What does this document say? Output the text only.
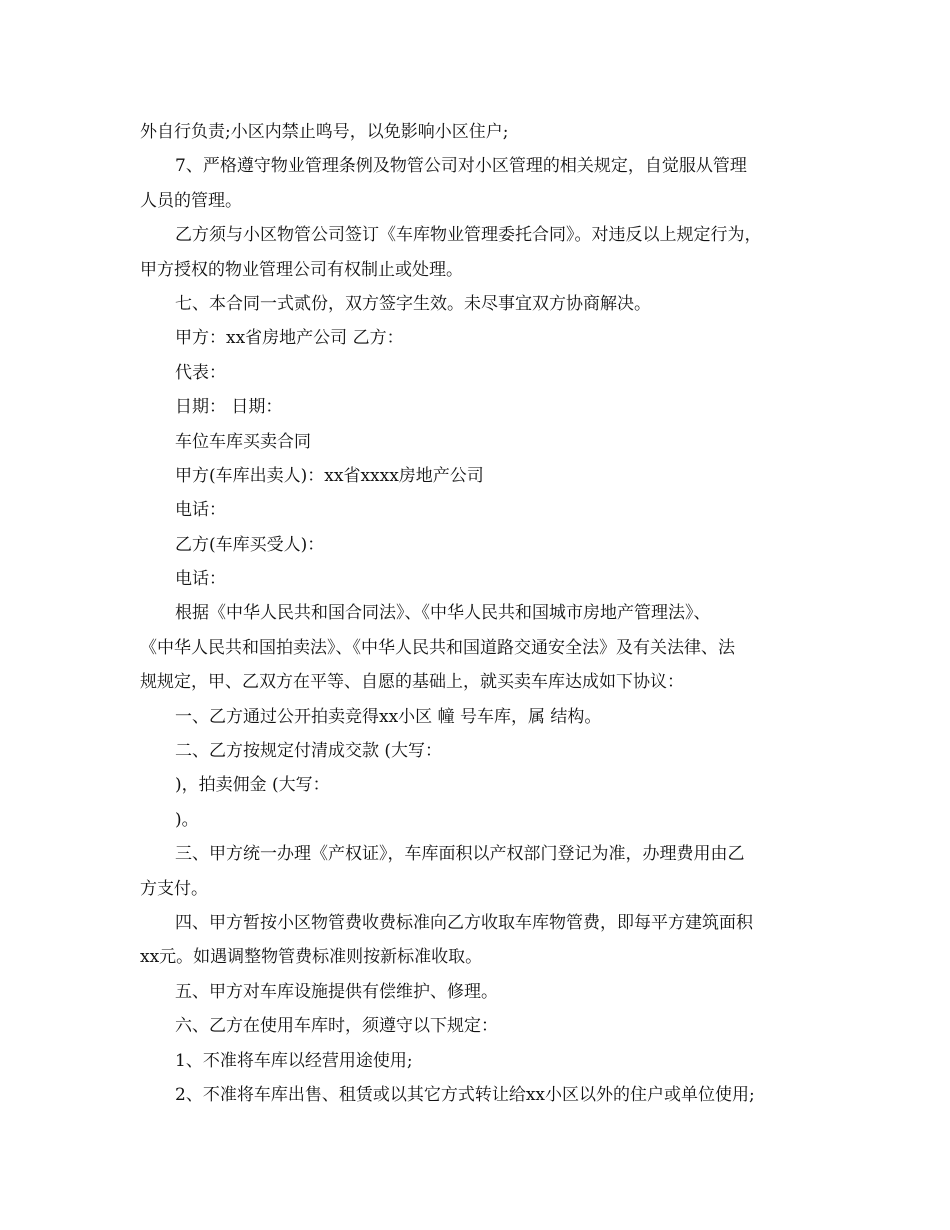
外自行负责;小区内禁止鸣号，以免影响小区住户;
7、严格遵守物业管理条例及物管公司对小区管理的相关规定，自觉服从管理
人员的管理。
乙方须与小区物管公司签订《车库物业管理委托合同》。对违反以上规定行为，
甲方授权的物业管理公司有权制止或处理。
七、本合同一式贰份，双方签字生效。未尽事宜双方协商解决。
甲方：xx省房地产公司 乙方：
代表：
日期： 日期：
车位车库买卖合同
甲方(车库出卖人)：xx省xxxx房地产公司
电话：
乙方(车库买受人)：
电话：
根据《中华人民共和国合同法》、《中华人民共和国城市房地产管理法》、
《中华人民共和国拍卖法》、《中华人民共和国道路交通安全法》及有关法律、法
规规定，甲、乙双方在平等、自愿的基础上，就买卖车库达成如下协议：
一、乙方通过公开拍卖竞得xx小区 幢 号车库，属 结构。
二、乙方按规定付清成交款 (大写：
)，拍卖佣金 (大写：
)。
三、甲方统一办理《产权证》，车库面积以产权部门登记为准，办理费用由乙
方支付。
四、甲方暂按小区物管费收费标准向乙方收取车库物管费，即每平方建筑面积
xx元。如遇调整物管费标准则按新标准收取。
五、甲方对车库设施提供有偿维护、修理。
六、乙方在使用车库时，须遵守以下规定：
1、不准将车库以经营用途使用;
2、不准将车库出售、租赁或以其它方式转让给xx小区以外的住户或单位使用;
